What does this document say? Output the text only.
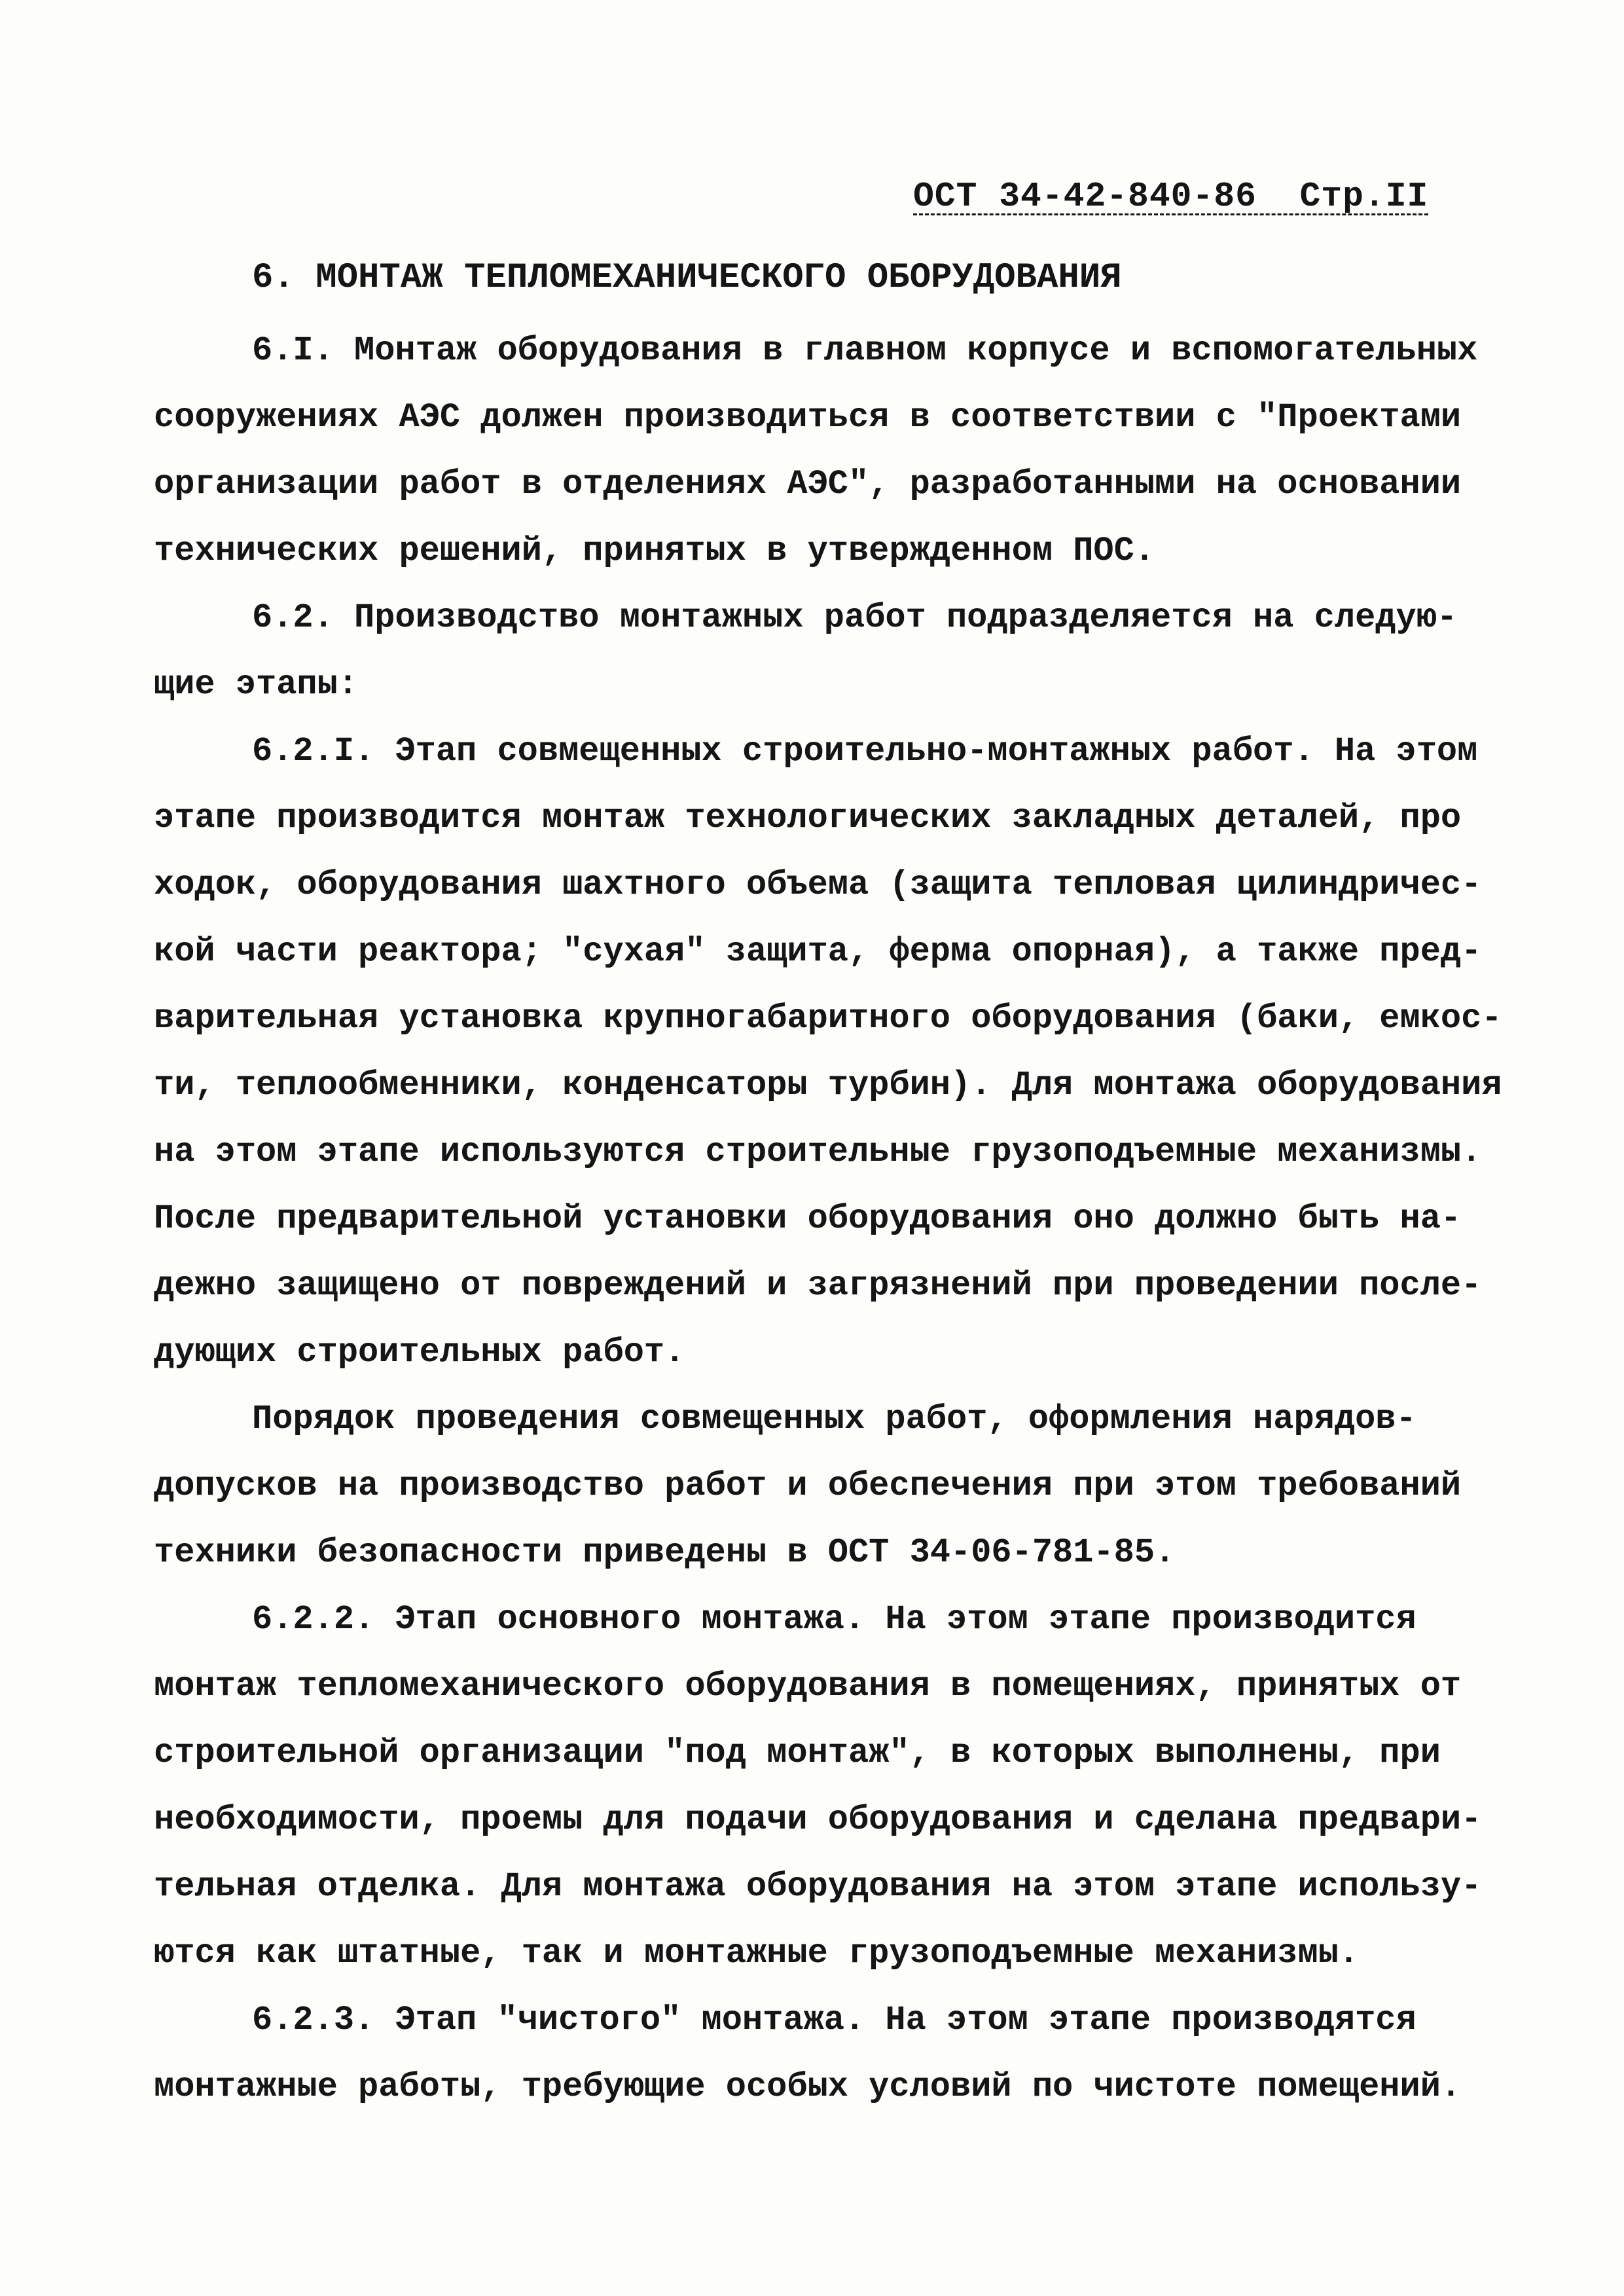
ОСТ 34-42-840-86  Стр.II
6. МОНТАЖ ТЕПЛОМЕХАНИЧЕСКОГО ОБОРУДОВАНИЯ
6.I. Монтаж оборудования в главном корпусе и вспомогательных
сооружениях АЭС должен производиться в соответствии с "Проектами
организации работ в отделениях АЭС", разработанными на основании
технических решений, принятых в утвержденном ПОС.
6.2. Производство монтажных работ подразделяется на следую-
щие этапы:
6.2.I. Этап совмещенных строительно-монтажных работ. На этом
этапе производится монтаж технологических закладных деталей, про
ходок, оборудования шахтного объема (защита тепловая цилиндричес-
кой части реактора; "сухая" защита, ферма опорная), а также пред-
варительная установка крупногабаритного оборудования (баки, емкос-
ти, теплообменники, конденсаторы турбин). Для монтажа оборудования
на этом этапе используются строительные грузоподъемные механизмы.
После предварительной установки оборудования оно должно быть на-
дежно защищено от повреждений и загрязнений при проведении после-
дующих строительных работ.
Порядок проведения совмещенных работ, оформления нарядов-
допусков на производство работ и обеспечения при этом требований
техники безопасности приведены в ОСТ 34-06-781-85.
6.2.2. Этап основного монтажа. На этом этапе производится
монтаж тепломеханического оборудования в помещениях, принятых от
строительной организации "под монтаж", в которых выполнены, при
необходимости, проемы для подачи оборудования и сделана предвари-
тельная отделка. Для монтажа оборудования на этом этапе использу-
ются как штатные, так и монтажные грузоподъемные механизмы.
6.2.3. Этап "чистого" монтажа. На этом этапе производятся
монтажные работы, требующие особых условий по чистоте помещений.
